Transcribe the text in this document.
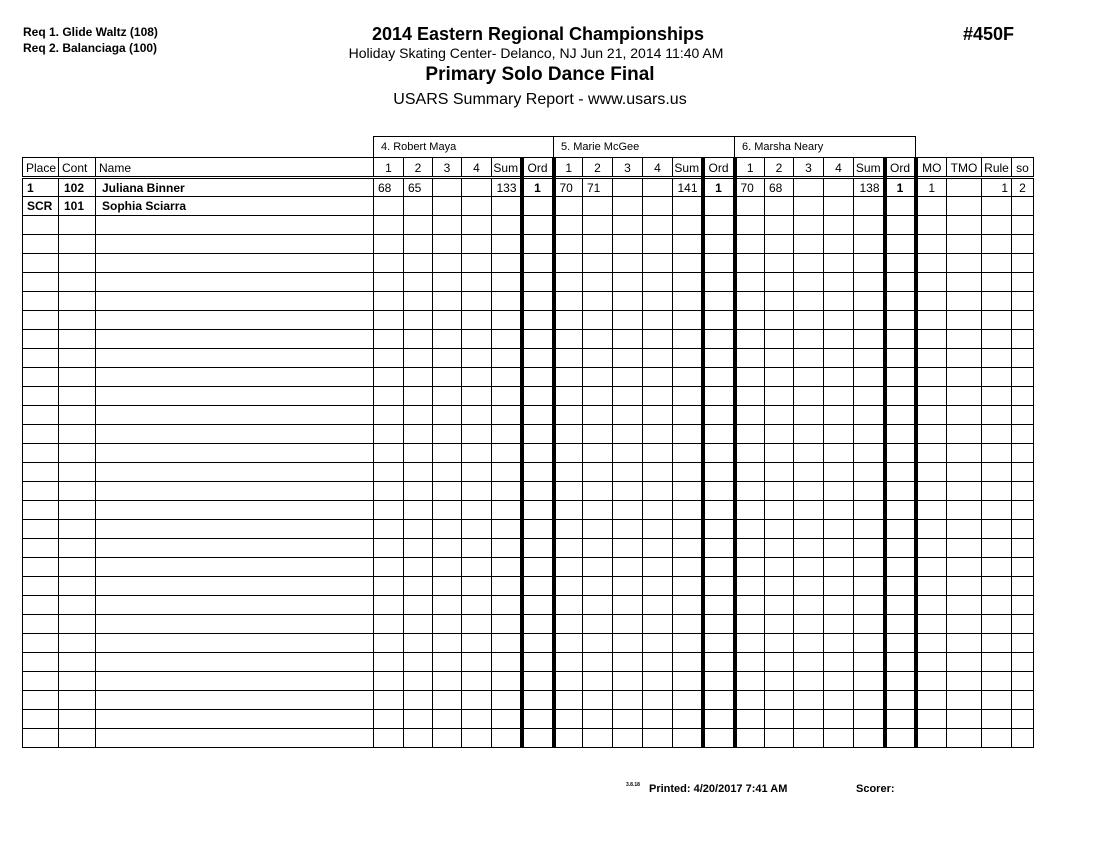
Req 1. Glide Waltz (108)
Req 2. Balanciaga (100)
2014 Eastern Regional Championships
Holiday Skating Center- Delanco, NJ Jun 21, 2014 11:40 AM
Primary Solo Dance Final
USARS Summary Report - www.usars.us
#450F
4. Robert Maya	5. Marie McGee	6. Marsha Neary
Place	Cont	Name	1	2	3	4	Sum	Ord	1	2	3	4	Sum	Ord	1	2	3	4	Sum	Ord	MO	TMO	Rule	so
1	102	Juliana Binner	68	65			133	1	70	71			141	1	70	68			138	1	1		1	2
SCR	101	Sophia Sciarra																						

3.8.18 Printed: 4/20/2017 7:41 AM	Scorer:
